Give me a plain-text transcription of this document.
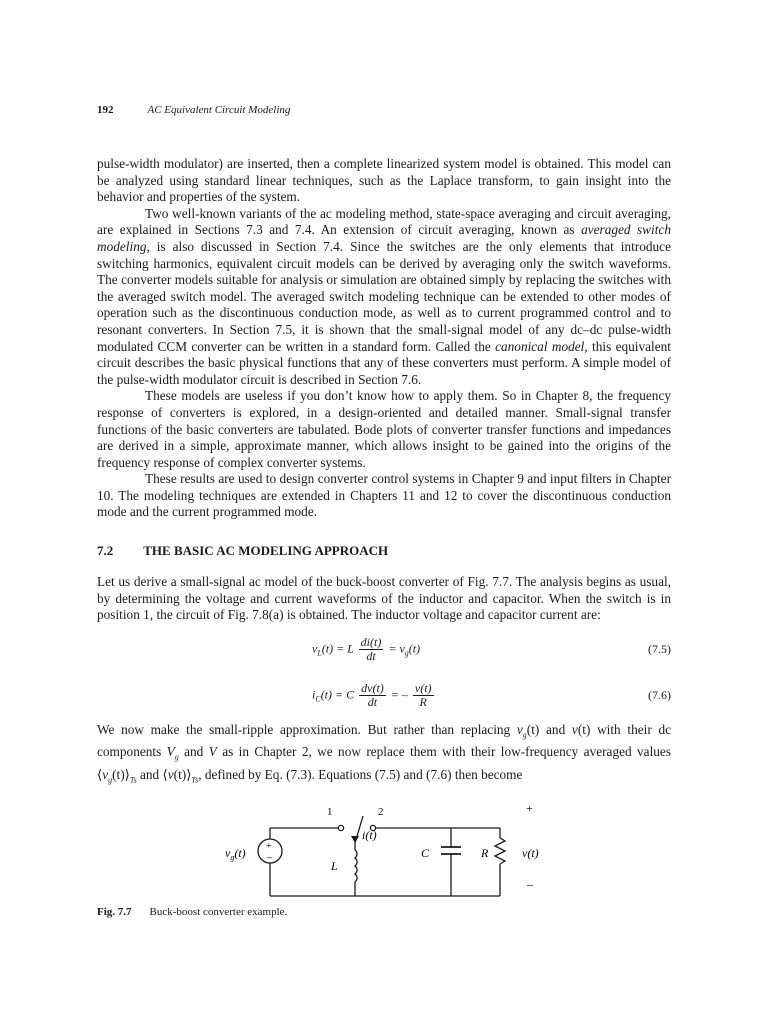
192	AC Equivalent Circuit Modeling

pulse-width modulator) are inserted, then a complete linearized system model is obtained. This model can be analyzed using standard linear techniques, such as the Laplace transform, to gain insight into the behavior and properties of the system.

Two well-known variants of the ac modeling method, state-space averaging and circuit averaging, are explained in Sections 7.3 and 7.4. An extension of circuit averaging, known as averaged switch modeling, is also discussed in Section 7.4. Since the switches are the only elements that introduce switching harmonics, equivalent circuit models can be derived by averaging only the switch waveforms. The converter models suitable for analysis or simulation are obtained simply by replacing the switches with the averaged switch model. The averaged switch modeling technique can be extended to other modes of operation such as the discontinuous conduction mode, as well as to current programmed control and to resonant converters. In Section 7.5, it is shown that the small-signal model of any dc–dc pulse-width modulated CCM converter can be written in a standard form. Called the canonical model, this equivalent circuit describes the basic physical functions that any of these converters must perform. A simple model of the pulse-width modulator circuit is described in Section 7.6.

These models are useless if you don’t know how to apply them. So in Chapter 8, the frequency response of converters is explored, in a design-oriented and detailed manner. Small-signal transfer functions of the basic converters are tabulated. Bode plots of converter transfer functions and impedances are derived in a simple, approximate manner, which allows insight to be gained into the origins of the frequency response of complex converter systems.

These results are used to design converter control systems in Chapter 9 and input filters in Chapter 10. The modeling techniques are extended in Chapters 11 and 12 to cover the discontinuous conduction mode and the current programmed mode.

7.2 THE BASIC AC MODELING APPROACH

Let us derive a small-signal ac model of the buck-boost converter of Fig. 7.7. The analysis begins as usual, by determining the voltage and current waveforms of the inductor and capacitor. When the switch is in position 1, the circuit of Fig. 7.8(a) is obtained. The inductor voltage and capacitor current are:

$v_L(t) = L \frac{di(t)}{dt} = v_g(t)$	(7.5)
$i_C(t) = C \frac{dv(t)}{dt}$ = – $\frac{v(t)}{R}$	(7.6)

We now make the small-ripple approximation. But rather than replacing $v_g(t)$ and v(t) with their dc components $V_g$ and V as in Chapter 2, we now replace them with their low-frequency averaged values $⟨v_g(t)⟩_{Ts}$ and $⟨v(t)⟩_{Ts}$, defined by Eq. (7.3). Equations (7.5) and (7.6) then become

1	2
+
–
$v_g(t)$
i(t)
L
C	R	v(t)
+
–
Fig. 7.7 Buck-boost converter example.
